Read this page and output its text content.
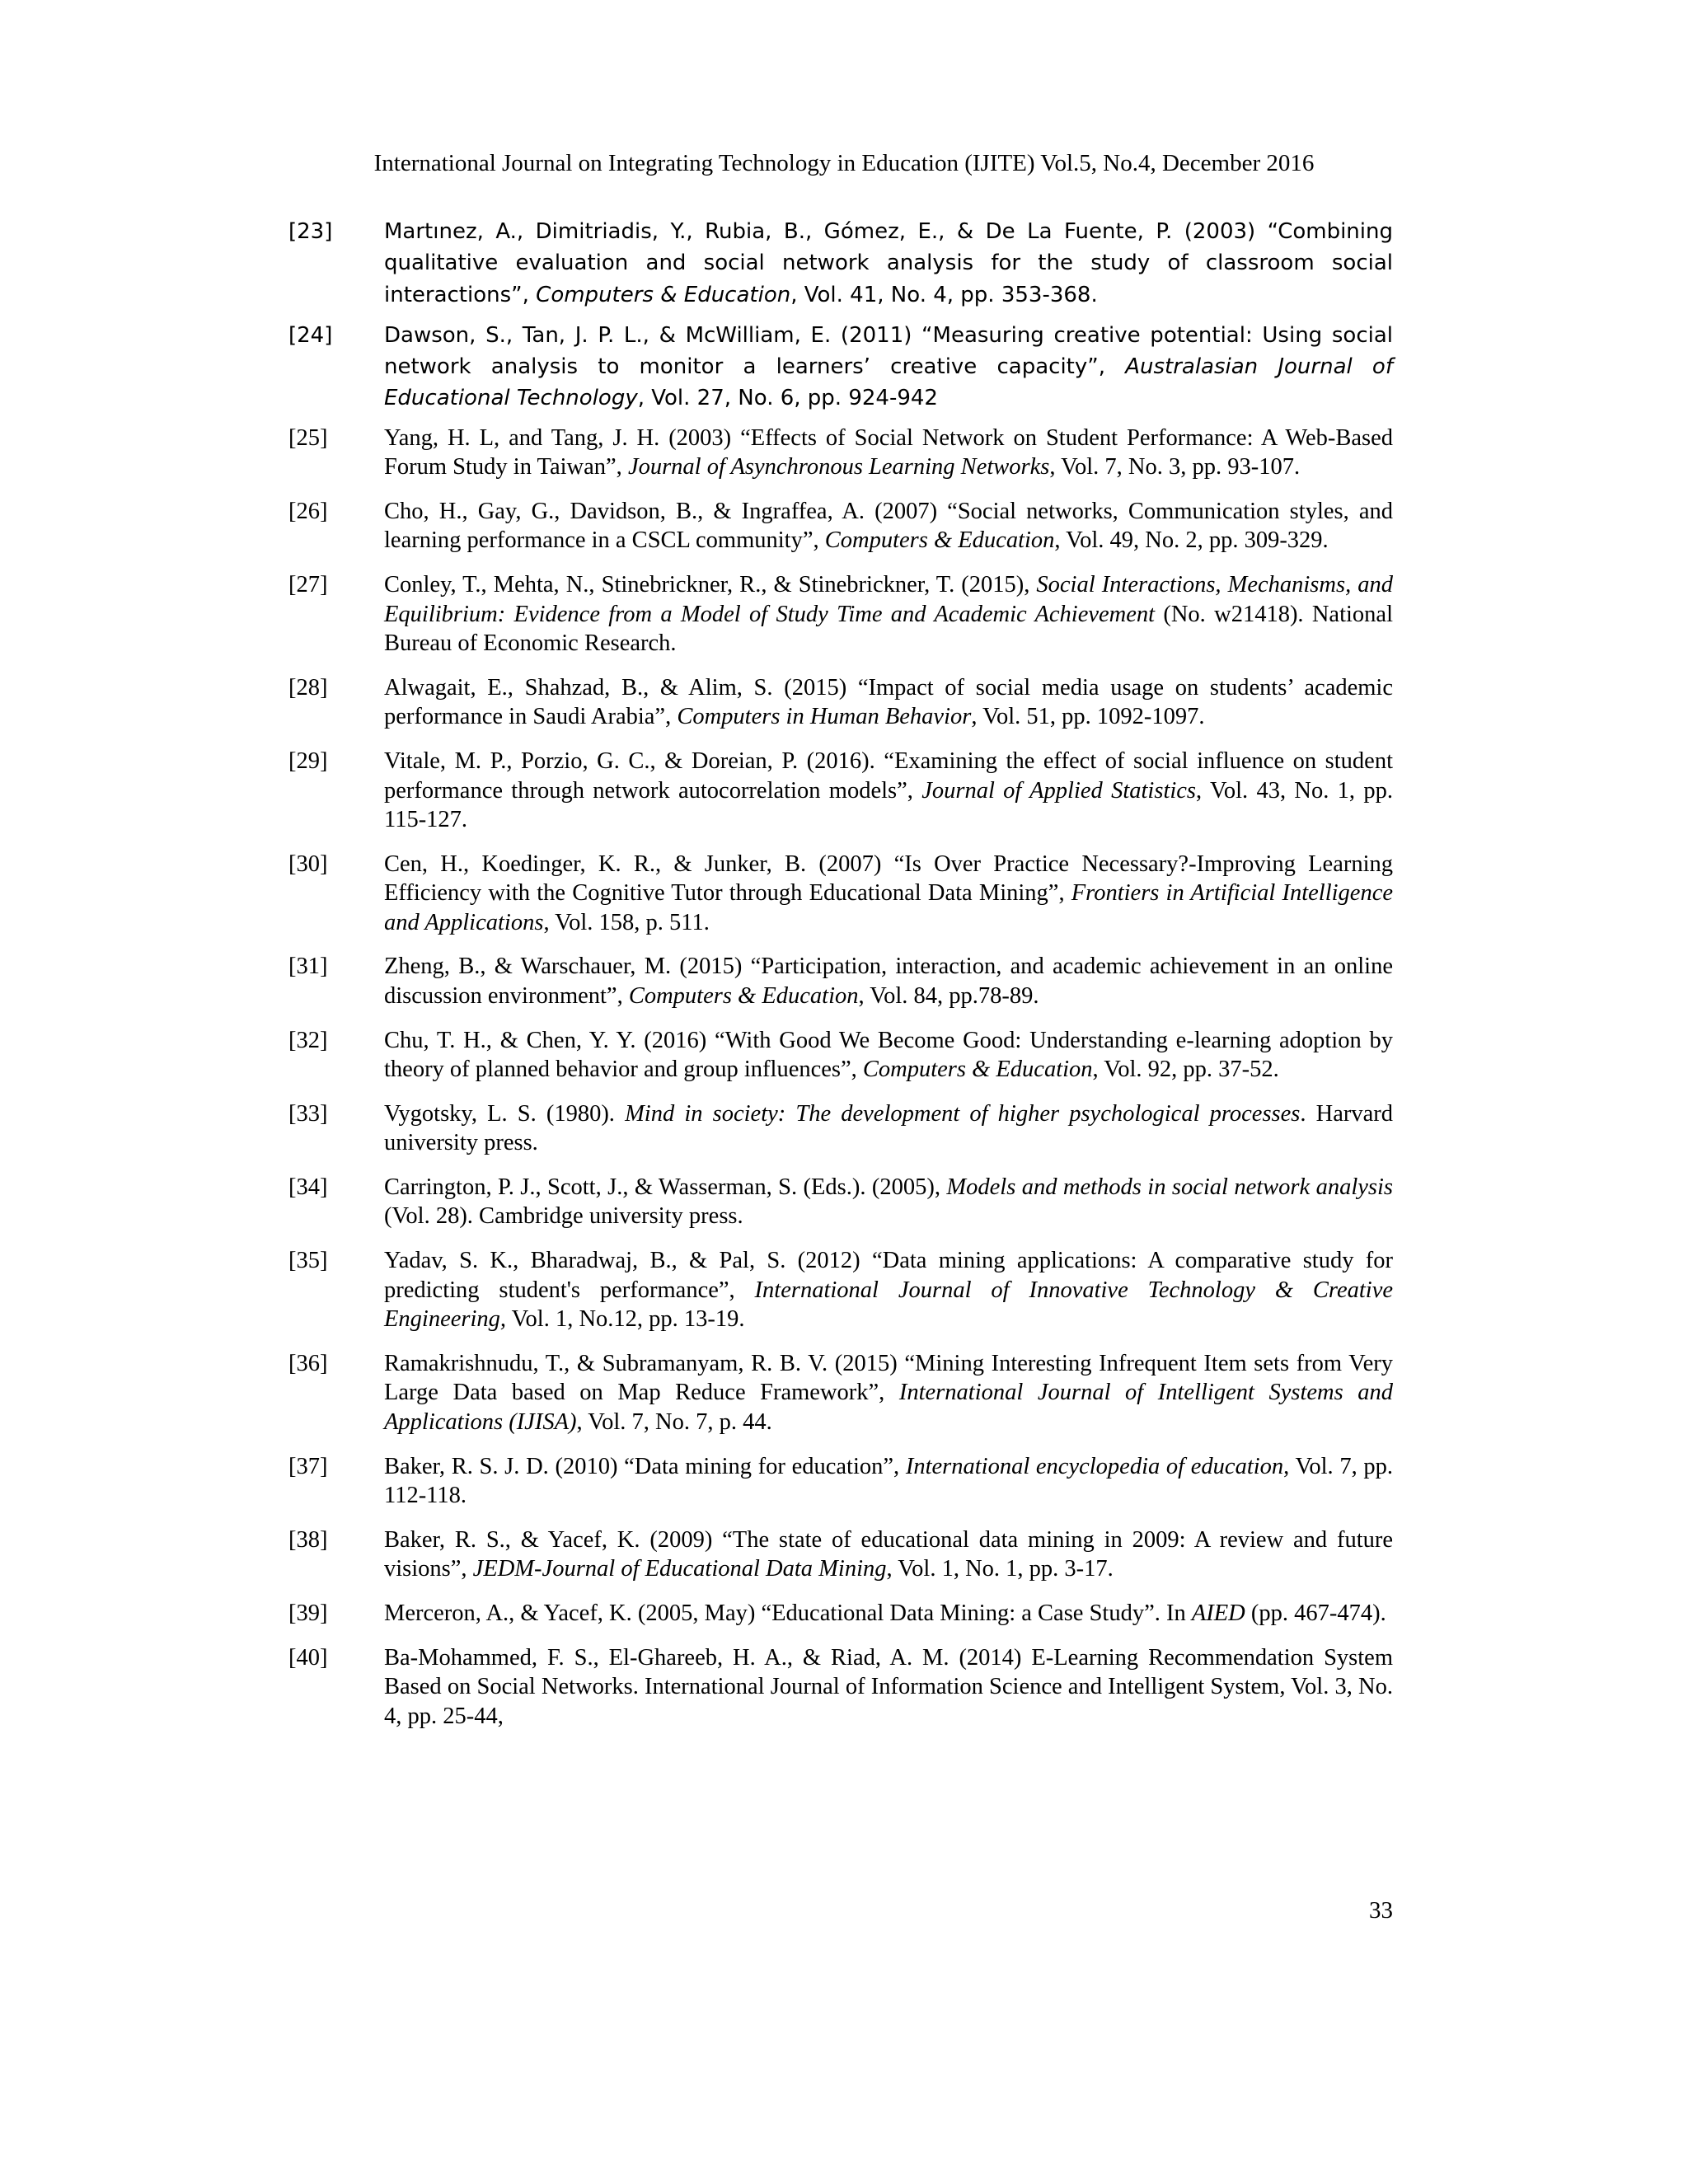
International Journal on Integrating Technology in Education (IJITE) Vol.5, No.4, December 2016
[23]	Martınez, A., Dimitriadis, Y., Rubia, B., Gómez, E., & De La Fuente, P. (2003) “Combining qualitative evaluation and social network analysis for the study of classroom social interactions”, Computers & Education, Vol. 41, No. 4, pp. 353-368.
[24]	Dawson, S., Tan, J. P. L., & McWilliam, E. (2011) “Measuring creative potential: Using social network analysis to monitor a learners’ creative capacity”, Australasian Journal of Educational Technology, Vol. 27, No. 6, pp. 924-942
[25]	Yang, H. L, and Tang, J. H. (2003) “Effects of Social Network on Student Performance: A Web-Based Forum Study in Taiwan”, Journal of Asynchronous Learning Networks, Vol. 7, No. 3, pp. 93-107.
[26]	Cho, H., Gay, G., Davidson, B., & Ingraffea, A. (2007) “Social networks, Communication styles, and learning performance in a CSCL community”, Computers & Education, Vol. 49, No. 2, pp. 309-329.
[27]	Conley, T., Mehta, N., Stinebrickner, R., & Stinebrickner, T. (2015), Social Interactions, Mechanisms, and Equilibrium: Evidence from a Model of Study Time and Academic Achievement (No. w21418). National Bureau of Economic Research.
[28]	Alwagait, E., Shahzad, B., & Alim, S. (2015) “Impact of social media usage on students’ academic performance in Saudi Arabia”, Computers in Human Behavior, Vol. 51, pp. 1092-1097.
[29]	Vitale, M. P., Porzio, G. C., & Doreian, P. (2016). “Examining the effect of social influence on student performance through network autocorrelation models”, Journal of Applied Statistics, Vol. 43, No. 1, pp. 115-127.
[30]	Cen, H., Koedinger, K. R., & Junker, B. (2007) “Is Over Practice Necessary?-Improving Learning Efficiency with the Cognitive Tutor through Educational Data Mining”, Frontiers in Artificial Intelligence and Applications, Vol. 158, p. 511.
[31]	Zheng, B., & Warschauer, M. (2015) “Participation, interaction, and academic achievement in an online discussion environment”, Computers & Education, Vol. 84, pp.78-89.
[32]	Chu, T. H., & Chen, Y. Y. (2016) “With Good We Become Good: Understanding e-learning adoption by theory of planned behavior and group influences”, Computers & Education, Vol. 92, pp. 37-52.
[33]	Vygotsky, L. S. (1980). Mind in society: The development of higher psychological processes. Harvard university press.
[34]	Carrington, P. J., Scott, J., & Wasserman, S. (Eds.). (2005), Models and methods in social network analysis (Vol. 28). Cambridge university press.
[35]	Yadav, S. K., Bharadwaj, B., & Pal, S. (2012) “Data mining applications: A comparative study for predicting student's performance”, International Journal of Innovative Technology & Creative Engineering, Vol. 1, No.12, pp. 13-19.
[36]	Ramakrishnudu, T., & Subramanyam, R. B. V. (2015) “Mining Interesting Infrequent Item sets from Very Large Data based on Map Reduce Framework”, International Journal of Intelligent Systems and Applications (IJISA), Vol. 7, No. 7, p. 44.
[37]	Baker, R. S. J. D. (2010) “Data mining for education”, International encyclopedia of education, Vol. 7, pp. 112-118.
[38]	Baker, R. S., & Yacef, K. (2009) “The state of educational data mining in 2009: A review and future visions”, JEDM-Journal of Educational Data Mining, Vol. 1, No. 1, pp. 3-17.
[39]	Merceron, A., & Yacef, K. (2005, May) “Educational Data Mining: a Case Study”. In AIED (pp. 467-474).
[40]	Ba-Mohammed, F. S., El-Ghareeb, H. A., & Riad, A. M. (2014) E-Learning Recommendation System Based on Social Networks. International Journal of Information Science and Intelligent System, Vol. 3, No. 4, pp. 25-44,
33
